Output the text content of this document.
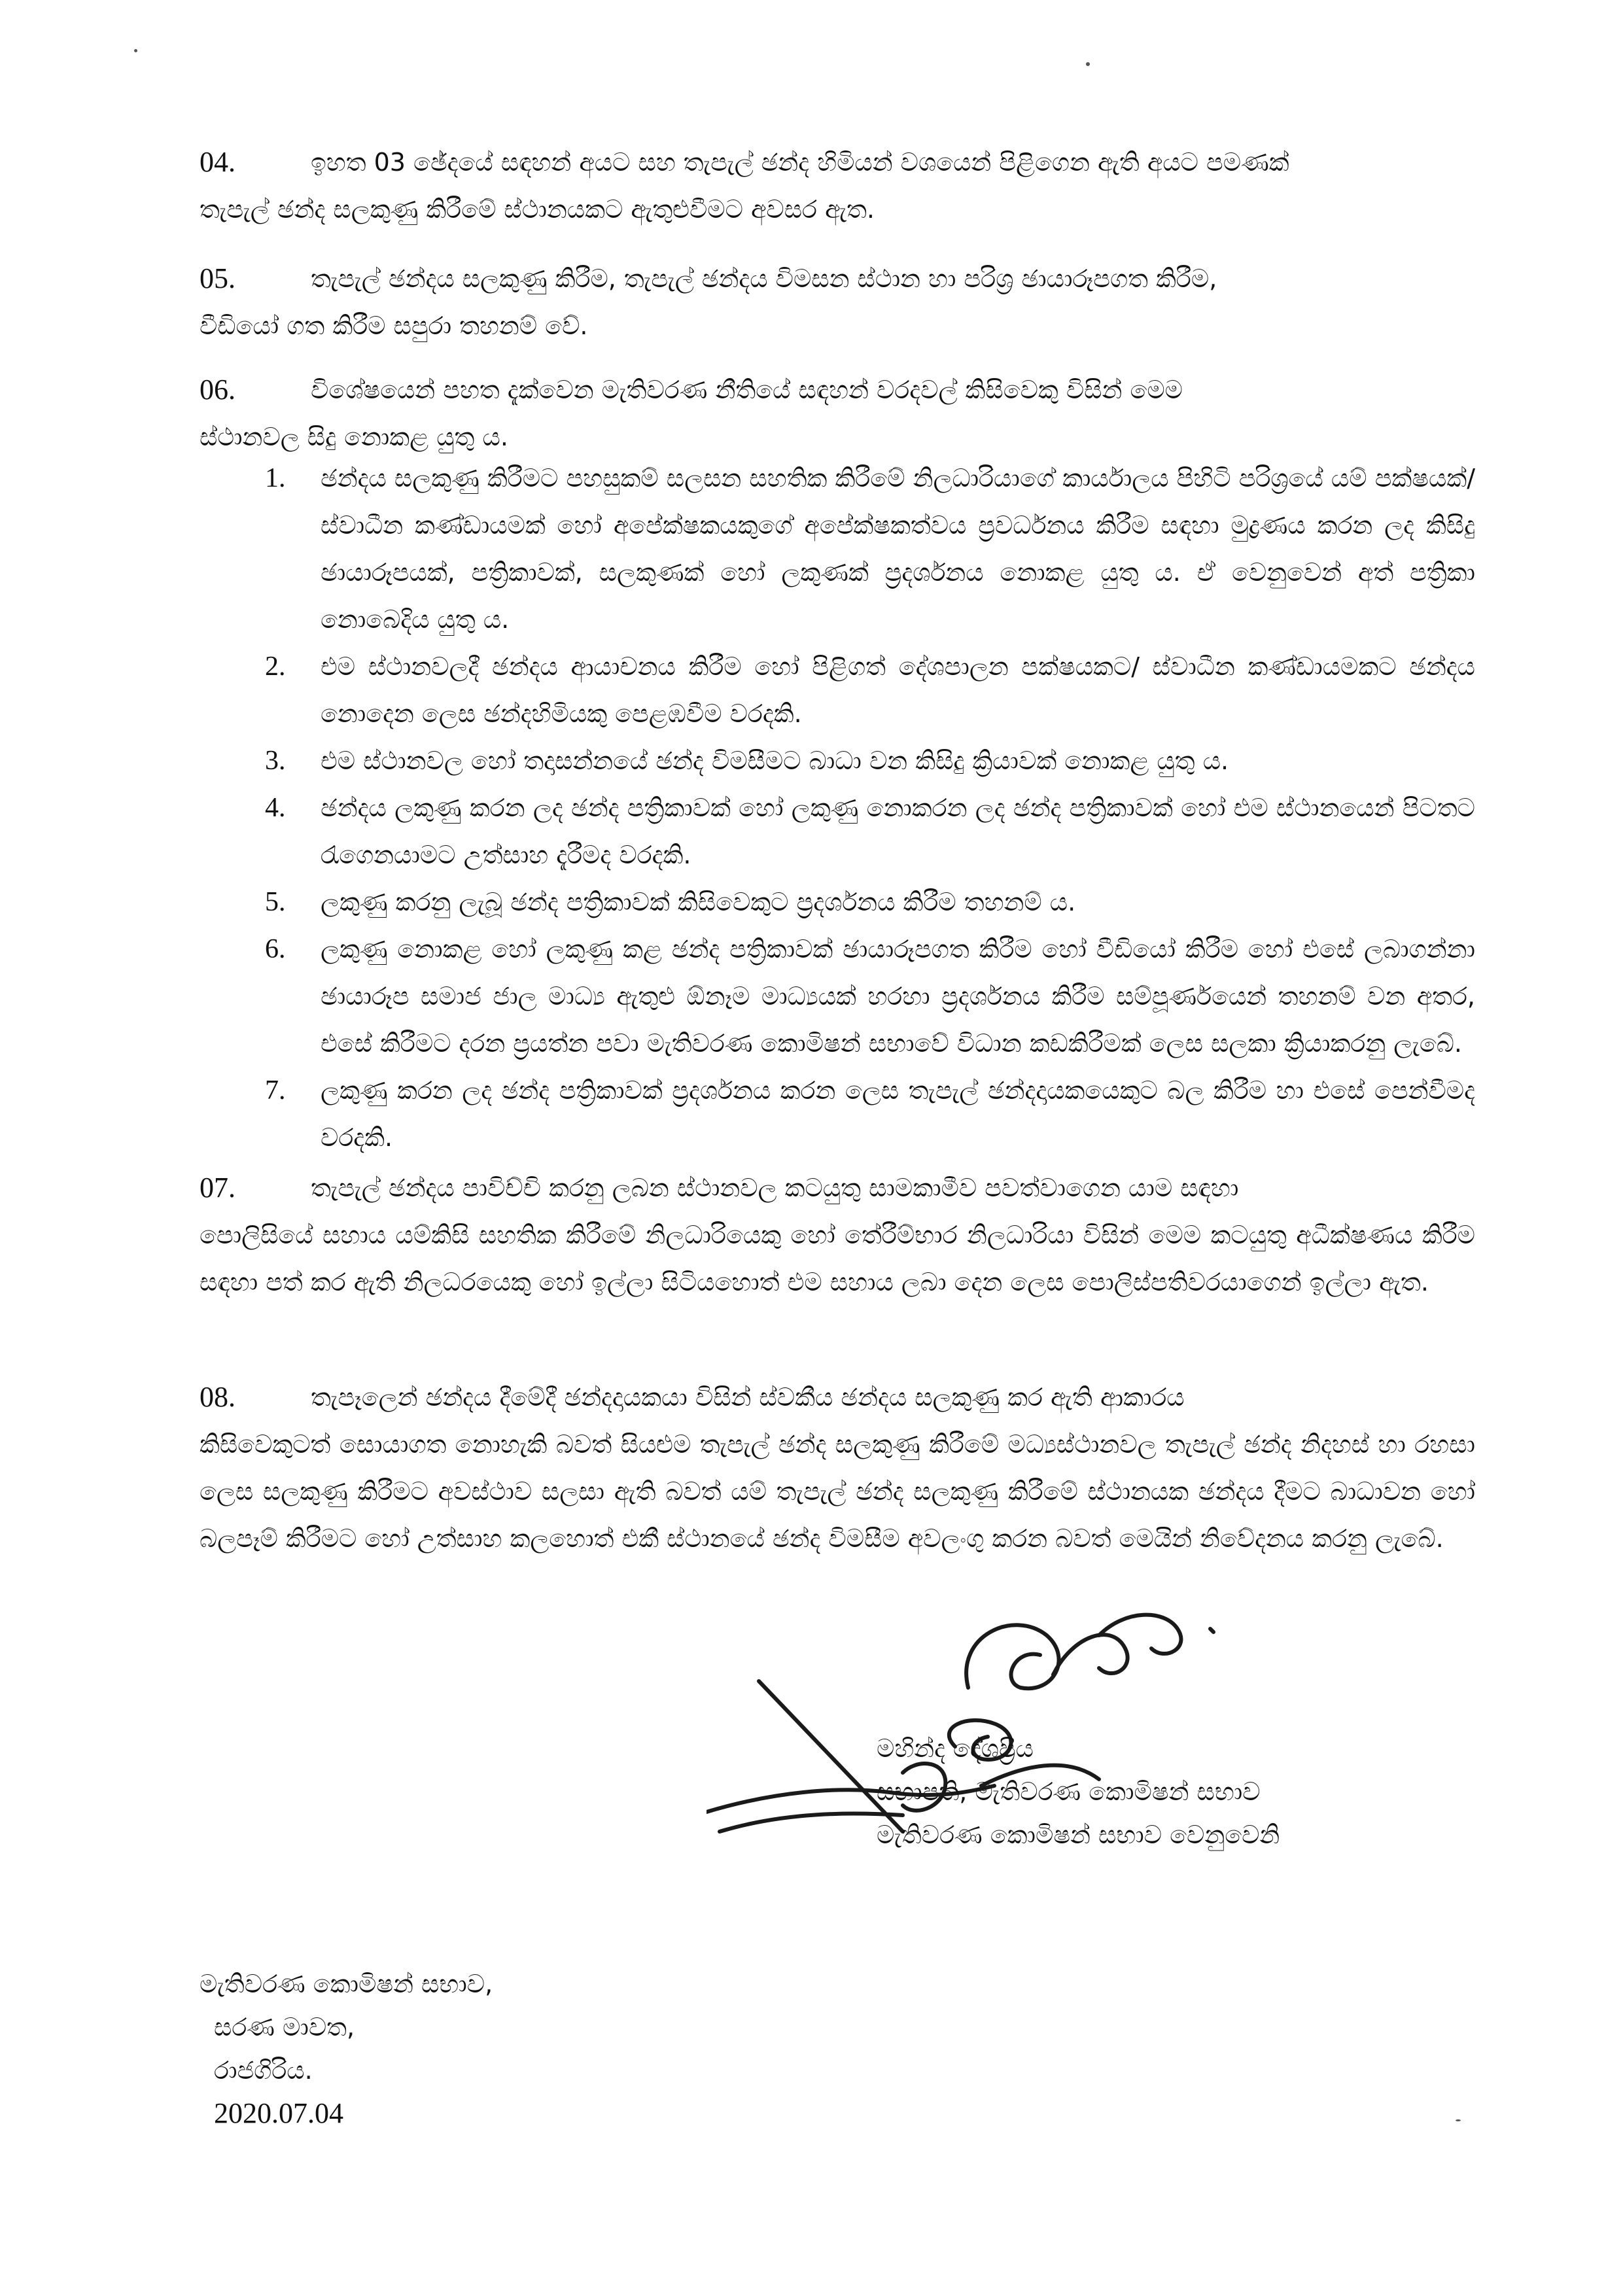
04.	ඉහත 03 ඡේදයේ සඳහන් අයට සහ තැපැල් ඡන්ද හිමියන් වශයෙන් පිළිගෙන ඇති අයට පමණක්
තැපැල් ඡන්ද සලකුණු කිරීමේ ස්ථානයකට ඇතුළුවීමට අවසර ඇත.
05.	තැපැල් ඡන්දය සලකුණු කිරීම, තැපැල් ඡන්දය විමසන ස්ථාන හා පරිශ්‍ර ඡායාරූපගත කිරීම,
වීඩියෝ ගත කිරීම සපුරා තහනම් වේ.
06.	විශේෂයෙන් පහත දැක්වෙන මැතිවරණ නීතියේ සඳහන් වරදවල් කිසිවෙකු විසින් මෙම
ස්ථානවල සිදු නොකළ යුතු ය.
1. ඡන්දය සලකුණු කිරීමට පහසුකම් සලසන සහතික කිරීමේ නිලධාරියාගේ කාර්යාලය පිහිටි පරිශ්‍රයේ යම් පක්ෂයක්/ ස්වාධීන කණ්ඩායමක් හෝ අපේක්ෂකයකුගේ අපේක්ෂකත්වය ප්‍රවර්ධනය කිරීම සඳහා මුද්‍රණය කරන ලද කිසිදු ඡායාරූපයක්, පත්‍රිකාවක්, සලකුණක් හෝ ලකුණක් ප්‍රදර්ශනය නොකළ යුතු ය. ඒ වෙනුවෙන් අත් පත්‍රිකා නොබෙදිය යුතු ය.
2. එම ස්ථානවලදී ඡන්දය ආයාචනය කිරීම හෝ පිළිගත් දේශපාලන පක්ෂයකට/ ස්වාධීන කණ්ඩායමකට ඡන්දය නොදෙන ලෙස ඡන්දහිමියකු පෙළඹවීම වරදකි.
3. එම ස්ථානවල හෝ තදාසන්නයේ ඡන්ද විමසීමට බාධා වන කිසිදු ක්‍රියාවක් නොකළ යුතු ය.
4. ඡන්දය ලකුණු කරන ලද ඡන්ද පත්‍රිකාවක් හෝ ලකුණු නොකරන ලද ඡන්ද පත්‍රිකාවක් හෝ එම ස්ථානයෙන් පිටතට රැගෙනයාමට උත්සාහ දැරීමද වරදකි.
5. ලකුණු කරනු ලැබූ ඡන්ද පත්‍රිකාවක් කිසිවෙකුට ප්‍රදර්ශනය කිරීම තහනම් ය.
6. ලකුණු නොකළ හෝ ලකුණු කළ ඡන්ද පත්‍රිකාවක් ඡායාරූපගත කිරීම හෝ වීඩියෝ කිරීම හෝ එසේ ලබාගන්නා ඡායාරූප සමාජ ජාල මාධ්‍ය ඇතුළු ඕනෑම මාධ්‍යයක් හරහා ප්‍රදර්ශනය කිරීම සම්පූර්ණයෙන් තහනම් වන අතර, එසේ කිරීමට දරන ප්‍රයත්න පවා මැතිවරණ කොමිෂන් සභාවේ විධාන කඩකිරීමක් ලෙස සලකා ක්‍රියාකරනු ලැබේ.
7. ලකුණු කරන ලද ඡන්ද පත්‍රිකාවක් ප්‍රදර්ශනය කරන ලෙස තැපැල් ඡන්දදායකයෙකුට බල කිරීම හා එසේ පෙන්වීමද වරදකි.
07.	තැපැල් ඡන්දය පාවිච්චි කරනු ලබන ස්ථානවල කටයුතු සාමකාමීව පවත්වාගෙන යාම සඳහා
පොලිසියේ සහාය යම්කිසි සහතික කිරීමේ නිලධාරියෙකු හෝ තේරීම්භාර නිලධාරියා විසින් මෙම කටයුතු අධීක්ෂණය කිරීම සඳහා පත් කර ඇති නිලධරයෙකු හෝ ඉල්ලා සිටියහොත් එම සහාය ලබා දෙන ලෙස පොලිස්පතිවරයාගෙන් ඉල්ලා ඇත.
08.	තැපෑලෙන් ඡන්දය දීමේදී ඡන්දදායකයා විසින් ස්වකීය ඡන්දය සලකුණු කර ඇති ආකාරය
කිසිවෙකුටත් සොයාගත නොහැකි බවත් සියළුම තැපැල් ඡන්ද සලකුණු කිරීමේ මධ්‍යස්ථානවල තැපැල් ඡන්ද නිදහස් හා රහසා ලෙස සලකුණු කිරීමට අවස්ථාව සලසා ඇති බවත් යම් තැපැල් ඡන්ද සලකුණු කිරීමේ ස්ථානයක ඡන්දය දීමට බාධාවන හෝ බලපෑම් කිරීමට හෝ උත්සාහ කලහොත් එකී ස්ථානයේ ඡන්ද විමසීම අවලංගු කරන බවත් මෙයින් නිවේදනය කරනු ලැබේ.
මහින්ද දේශප්‍රිය
සභාපති, මැතිවරණ කොමිෂන් සභාව
මැතිවරණ කොමිෂන් සභාව වෙනුවෙනි
මැතිවරණ කොමිෂන් සභාව,
සරණ මාවත,
රාජගිරිය.
2020.07.04
